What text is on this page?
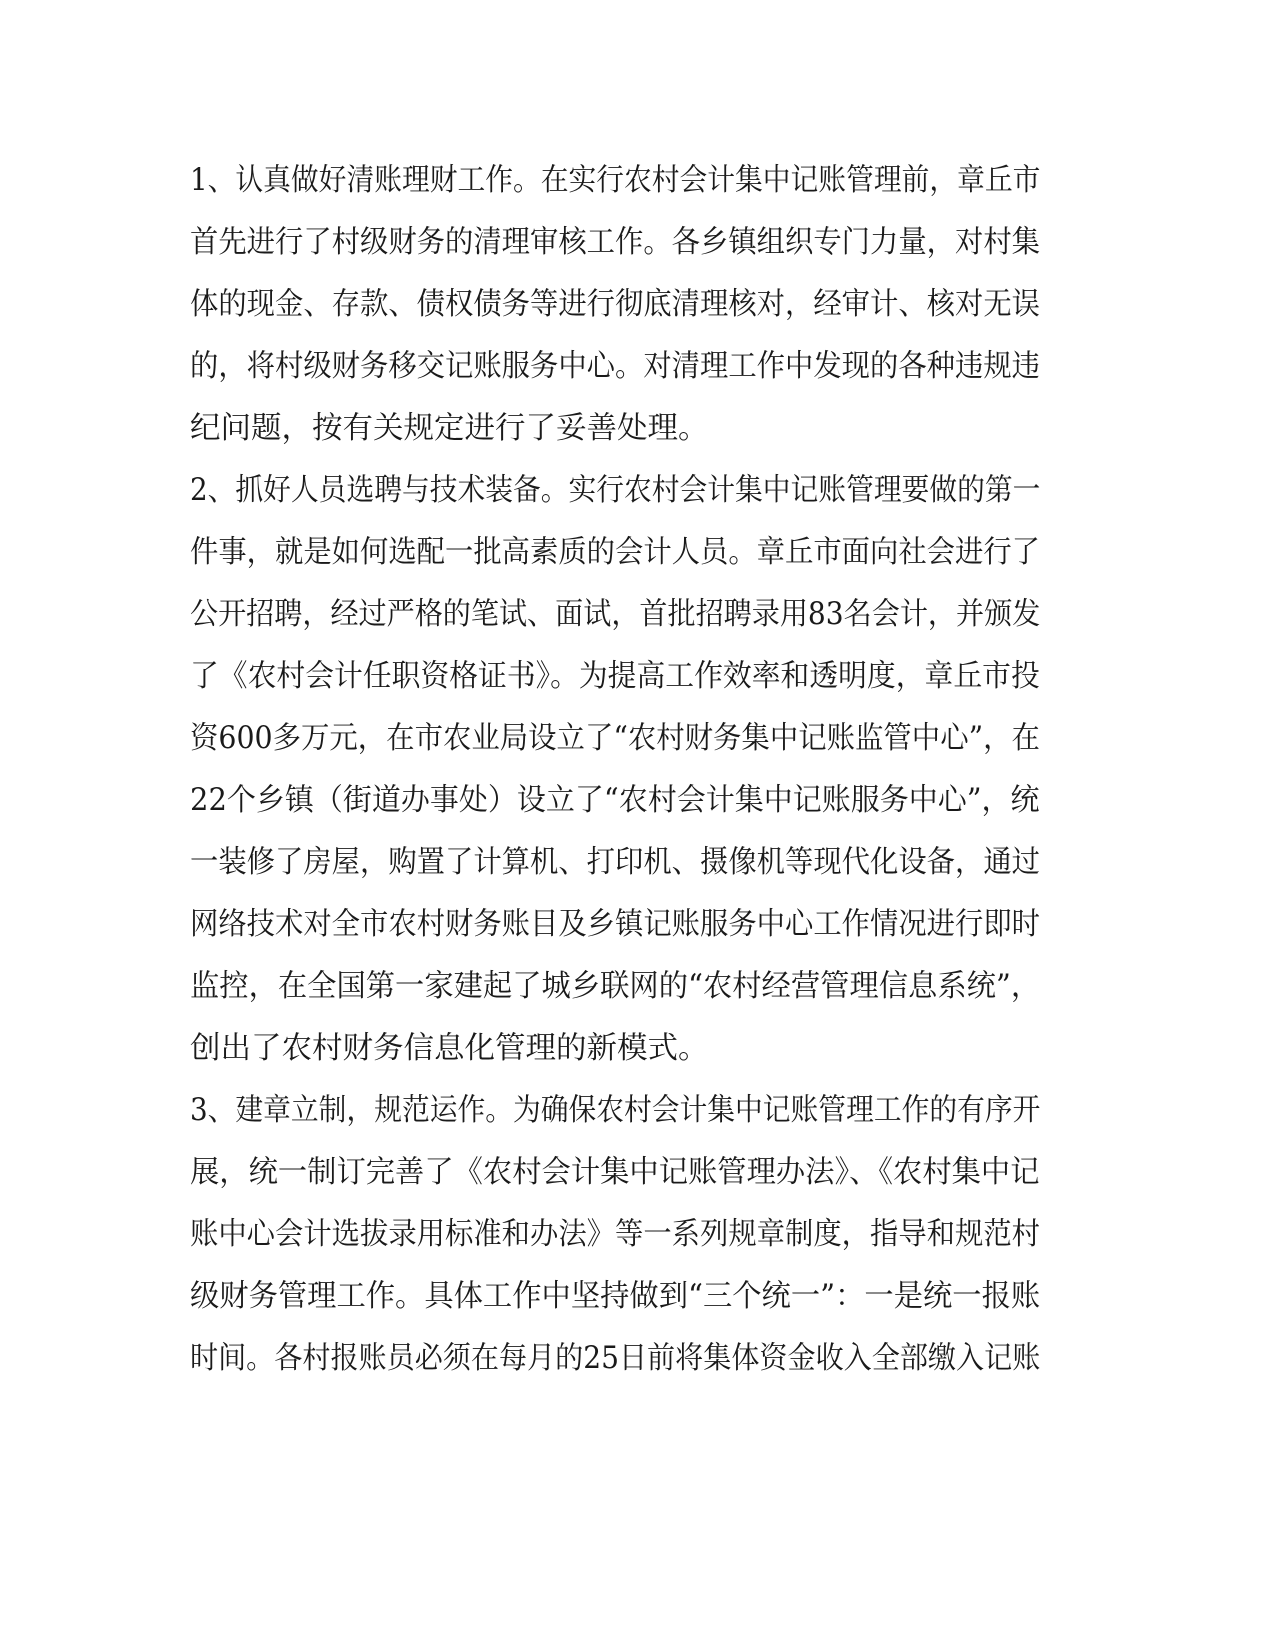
1、认真做好清账理财工作。在实行农村会计集中记账管理前，章丘市
首先进行了村级财务的清理审核工作。各乡镇组织专门力量，对村集
体的现金、存款、债权债务等进行彻底清理核对，经审计、核对无误
的，将村级财务移交记账服务中心。对清理工作中发现的各种违规违
纪问题，按有关规定进行了妥善处理。
2、抓好人员选聘与技术装备。实行农村会计集中记账管理要做的第一
件事，就是如何选配一批高素质的会计人员。章丘市面向社会进行了
公开招聘，经过严格的笔试、面试，首批招聘录用83名会计，并颁发
了《农村会计任职资格证书》。为提高工作效率和透明度，章丘市投
资600多万元，在市农业局设立了“农村财务集中记账监管中心”，在
22个乡镇（街道办事处）设立了“农村会计集中记账服务中心”，统
一装修了房屋，购置了计算机、打印机、摄像机等现代化设备，通过
网络技术对全市农村财务账目及乡镇记账服务中心工作情况进行即时
监控，在全国第一家建起了城乡联网的“农村经营管理信息系统”，
创出了农村财务信息化管理的新模式。
3、建章立制，规范运作。为确保农村会计集中记账管理工作的有序开
展，统一制订完善了《农村会计集中记账管理办法》、《农村集中记
账中心会计选拔录用标准和办法》等一系列规章制度，指导和规范村
级财务管理工作。具体工作中坚持做到“三个统一”：一是统一报账
时间。各村报账员必须在每月的25日前将集体资金收入全部缴入记账
